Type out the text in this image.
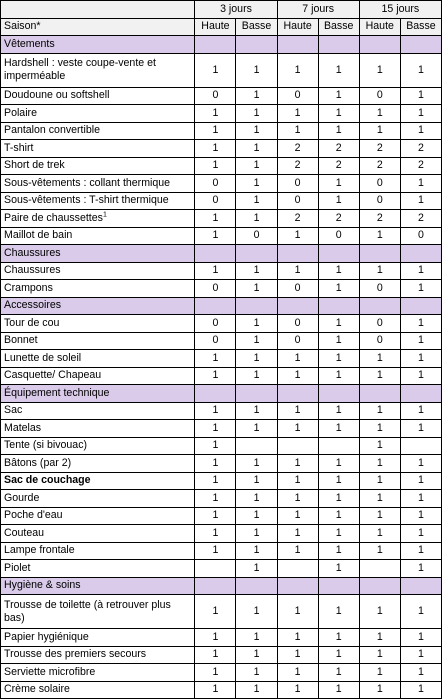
	3 jours		7 jours		15 jours	
Saison*	Haute	Basse	Haute	Basse	Haute	Basse
Vêtements						
Hardshell : veste coupe-vente et imperméable	1	1	1	1	1	1
Doudoune ou softshell	0	1	0	1	0	1
Polaire	1	1	1	1	1	1
Pantalon convertible	1	1	1	1	1	1
T-shirt	1	1	2	2	2	2
Short de trek	1	1	2	2	2	2
Sous-vêtements : collant thermique	0	1	0	1	0	1
Sous-vêtements : T-shirt thermique	0	1	0	1	0	1
Paire de chaussettes$^1$	1	1	2	2	2	2
Maillot de bain	1	0	1	0	1	0
Chaussures						
Chaussures	1	1	1	1	1	1
Crampons	0	1	0	1	0	1
Accessoires						
Tour de cou	0	1	0	1	0	1
Bonnet	0	1	0	1	0	1
Lunette de soleil	1	1	1	1	1	1
Casquette/ Chapeau	1	1	1	1	1	1
Équipement technique						
Sac	1	1	1	1	1	1
Matelas	1	1	1	1	1	1
Tente (si bivouac)	1				1	
Bâtons (par 2)	1	1	1	1	1	1
Sac de couchage	1	1	1	1	1	1
Gourde	1	1	1	1	1	1
Poche d'eau	1	1	1	1	1	1
Couteau	1	1	1	1	1	1
Lampe frontale	1	1	1	1	1	1
Piolet		1		1		1
Hygiène & soins						
Trousse de toilette (à retrouver plus bas)	1	1	1	1	1	1
Papier hygiénique	1	1	1	1	1	1
Trousse des premiers secours	1	1	1	1	1	1
Serviette microfibre	1	1	1	1	1	1
Crème solaire	1	1	1	1	1	1
